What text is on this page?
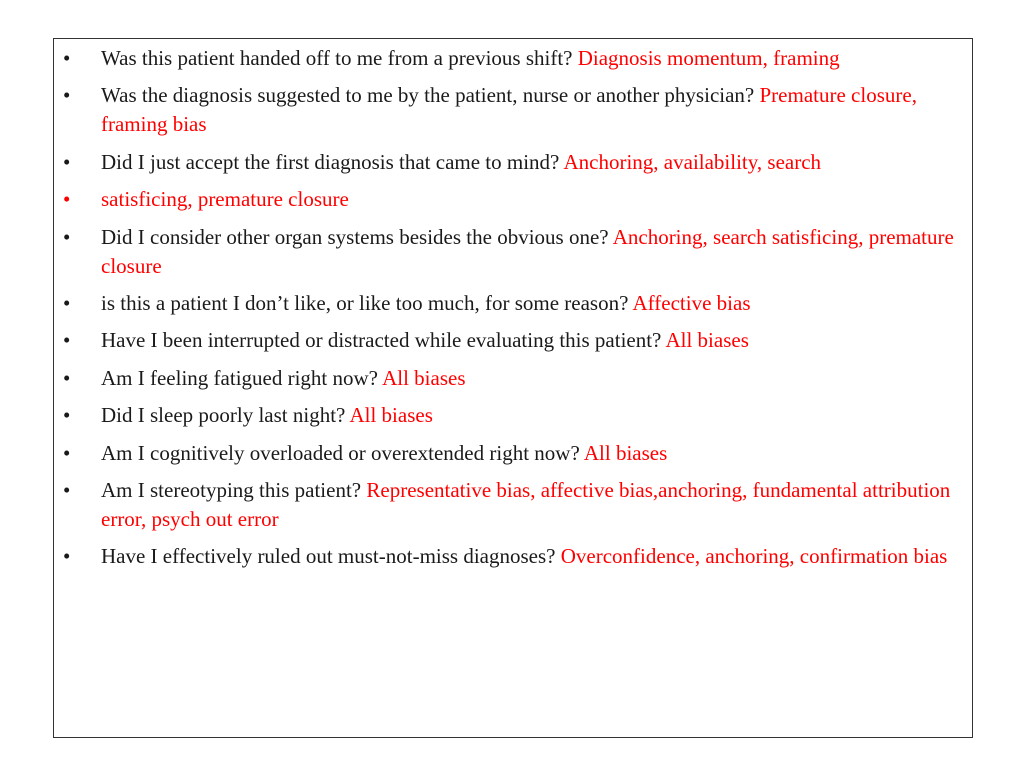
•	Was this patient handed off to me from a previous shift? Diagnosis momentum, framing
•	Was the diagnosis suggested to me by the patient, nurse or another physician? Premature closure, framing bias
•	Did I just accept the first diagnosis that came to mind? Anchoring, availability, search
•	satisficing, premature closure
•	Did I consider other organ systems besides the obvious one? Anchoring, search satisficing, premature closure
•	is this a patient I don’t like, or like too much, for some reason? Affective bias
•	Have I been interrupted or distracted while evaluating this patient? All biases
•	Am I feeling fatigued right now? All biases
•	Did I sleep poorly last night? All biases
•	Am I cognitively overloaded or overextended right now? All biases
•	Am I stereotyping this patient? Representative bias, affective bias,anchoring, fundamental attribution error, psych out error
•	Have I effectively ruled out must-not-miss diagnoses? Overconfidence, anchoring, confirmation bias
